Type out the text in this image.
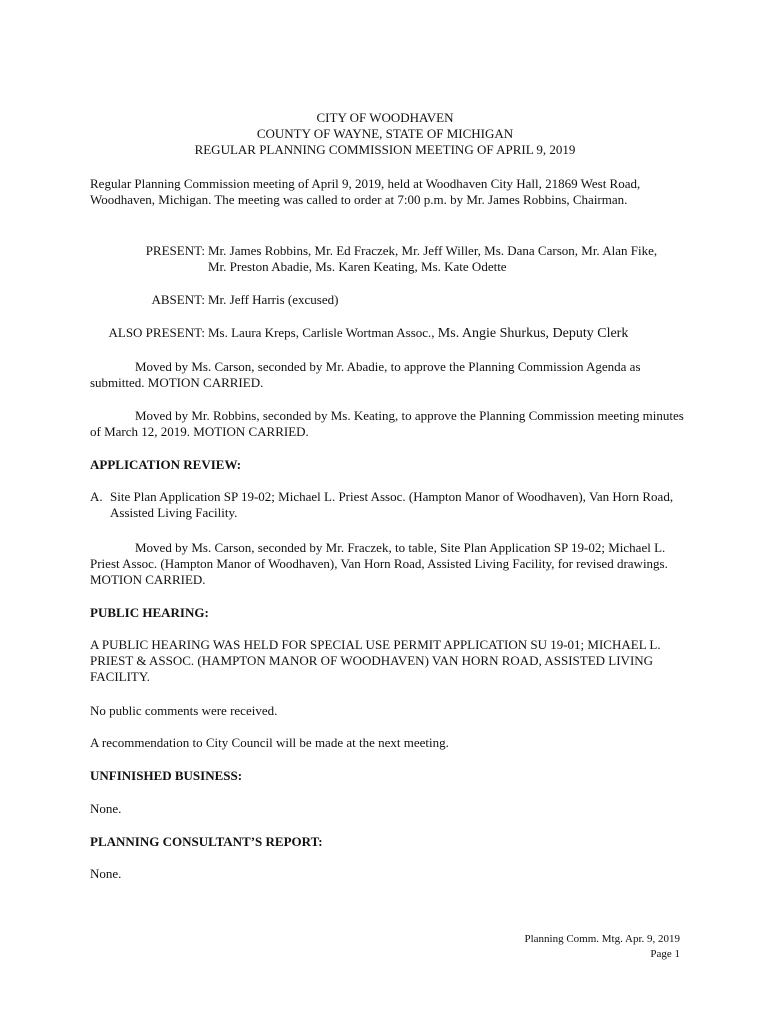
CITY OF WOODHAVEN
COUNTY OF WAYNE, STATE OF MICHIGAN
REGULAR PLANNING COMMISSION MEETING OF APRIL 9, 2019
Regular Planning Commission meeting of April 9, 2019, held at Woodhaven City Hall, 21869 West Road, Woodhaven, Michigan. The meeting was called to order at 7:00 p.m. by Mr. James Robbins, Chairman.
PRESENT: Mr. James Robbins, Mr. Ed Fraczek, Mr. Jeff Willer, Ms. Dana Carson, Mr. Alan Fike, Mr. Preston Abadie, Ms. Karen Keating, Ms. Kate Odette
ABSENT: Mr. Jeff Harris (excused)
ALSO PRESENT: Ms. Laura Kreps, Carlisle Wortman Assoc., Ms. Angie Shurkus, Deputy Clerk
Moved by Ms. Carson, seconded by Mr. Abadie, to approve the Planning Commission Agenda as submitted. MOTION CARRIED.
Moved by Mr. Robbins, seconded by Ms. Keating, to approve the Planning Commission meeting minutes of March 12, 2019. MOTION CARRIED.
APPLICATION REVIEW:
A. Site Plan Application SP 19-02; Michael L. Priest Assoc. (Hampton Manor of Woodhaven), Van Horn Road, Assisted Living Facility.
Moved by Ms. Carson, seconded by Mr. Fraczek, to table, Site Plan Application SP 19-02; Michael L. Priest Assoc. (Hampton Manor of Woodhaven), Van Horn Road, Assisted Living Facility, for revised drawings. MOTION CARRIED.
PUBLIC HEARING:
A PUBLIC HEARING WAS HELD FOR SPECIAL USE PERMIT APPLICATION SU 19-01; MICHAEL L. PRIEST & ASSOC. (HAMPTON MANOR OF WOODHAVEN) VAN HORN ROAD, ASSISTED LIVING FACILITY.
No public comments were received.
A recommendation to City Council will be made at the next meeting.
UNFINISHED BUSINESS:
None.
PLANNING CONSULTANT’S REPORT:
None.
Planning Comm. Mtg. Apr. 9, 2019
Page 1
